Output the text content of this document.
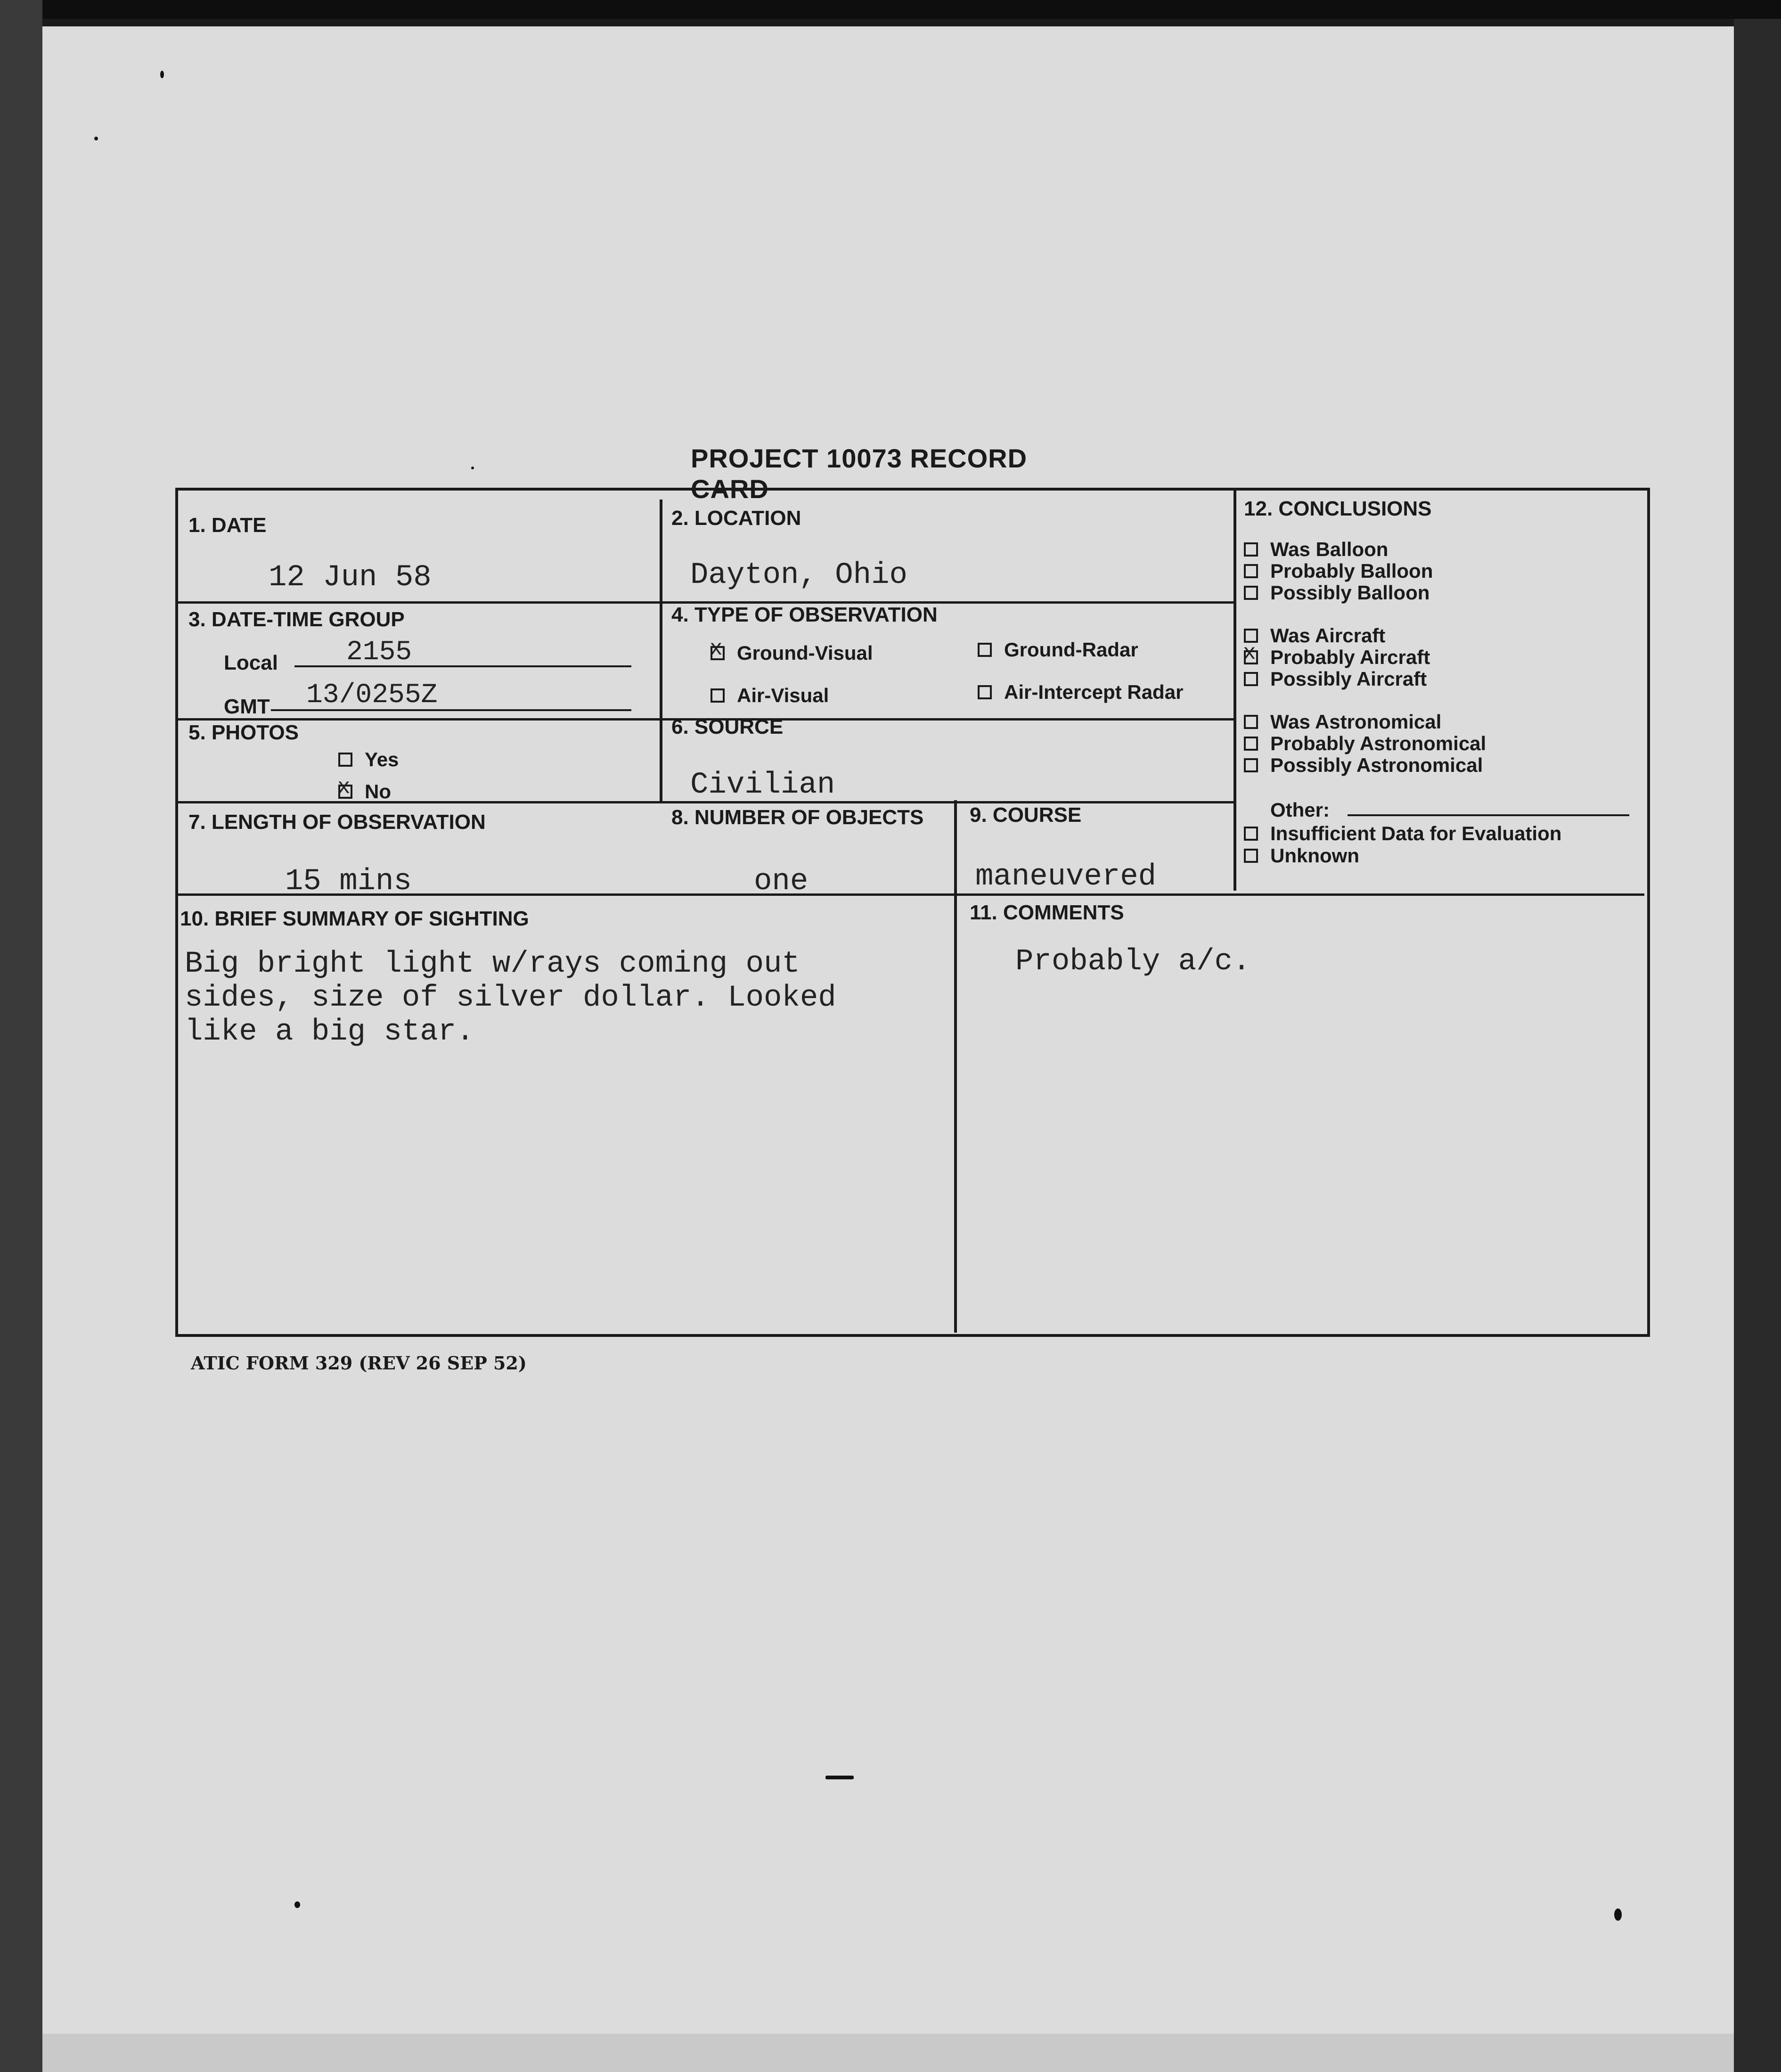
PROJECT 10073 RECORD CARD
1. DATE
12 Jun 58
2. LOCATION
Dayton, Ohio
3. DATE-TIME GROUP
Local	2155
GMT 13/0255Z
4. TYPE OF OBSERVATION
x
Ground-Visual	Ground-Radar
Air-Visual	Air-Intercept Radar
5. PHOTOS
Yes
x
No
6. SOURCE
Civilian
7. LENGTH OF OBSERVATION
15 mins
8. NUMBER OF OBJECTS
one
9. COURSE
maneuvered
10. BRIEF SUMMARY OF SIGHTING
Big bright light w/rays coming out
sides, size of silver dollar. Looked
like a big star.
11. COMMENTS
Probably a/c.
12. CONCLUSIONS
Was Balloon
Probably Balloon
Possibly Balloon
Was Aircraft
x
Probably Aircraft
Possibly Aircraft
Was Astronomical
Probably Astronomical
Possibly Astronomical
Other :
Insufficient Data for Evaluation
Unknown
ATIC FORM 329 (REV 26 SEP 52)
